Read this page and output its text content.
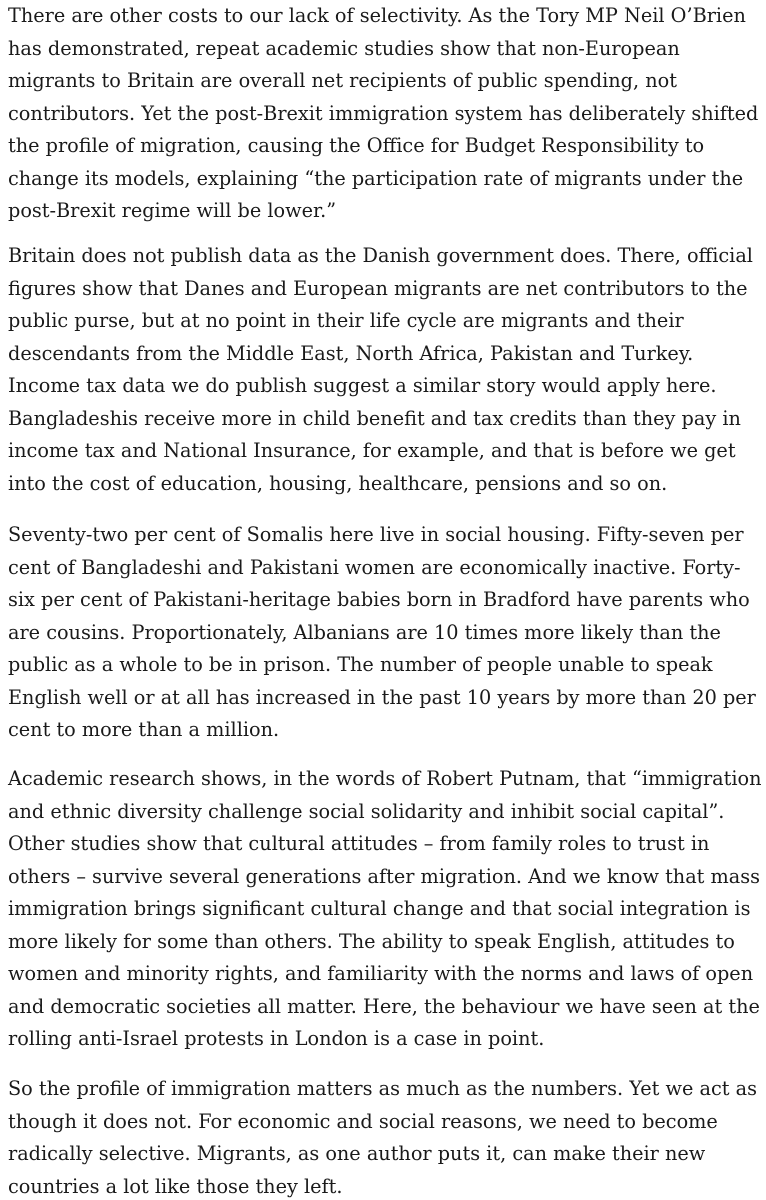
There are other costs to our lack of selectivity. As the Tory MP Neil O’Brien
has demonstrated, repeat academic studies show that non-European
migrants to Britain are overall net recipients of public spending, not
contributors. Yet the post-Brexit immigration system has deliberately shifted
the profile of migration, causing the Office for Budget Responsibility to
change its models, explaining “the participation rate of migrants under the
post-Brexit regime will be lower.”

Britain does not publish data as the Danish government does. There, official
figures show that Danes and European migrants are net contributors to the
public purse, but at no point in their life cycle are migrants and their
descendants from the Middle East, North Africa, Pakistan and Turkey.
Income tax data we do publish suggest a similar story would apply here.
Bangladeshis receive more in child benefit and tax credits than they pay in
income tax and National Insurance, for example, and that is before we get
into the cost of education, housing, healthcare, pensions and so on.

Seventy-two per cent of Somalis here live in social housing. Fifty-seven per
cent of Bangladeshi and Pakistani women are economically inactive. Forty-
six per cent of Pakistani-heritage babies born in Bradford have parents who
are cousins. Proportionately, Albanians are 10 times more likely than the
public as a whole to be in prison. The number of people unable to speak
English well or at all has increased in the past 10 years by more than 20 per
cent to more than a million.

Academic research shows, in the words of Robert Putnam, that “immigration
and ethnic diversity challenge social solidarity and inhibit social capital”.
Other studies show that cultural attitudes – from family roles to trust in
others – survive several generations after migration. And we know that mass
immigration brings significant cultural change and that social integration is
more likely for some than others. The ability to speak English, attitudes to
women and minority rights, and familiarity with the norms and laws of open
and democratic societies all matter. Here, the behaviour we have seen at the
rolling anti-Israel protests in London is a case in point.

So the profile of immigration matters as much as the numbers. Yet we act as
though it does not. For economic and social reasons, we need to become
radically selective. Migrants, as one author puts it, can make their new
countries a lot like those they left.
